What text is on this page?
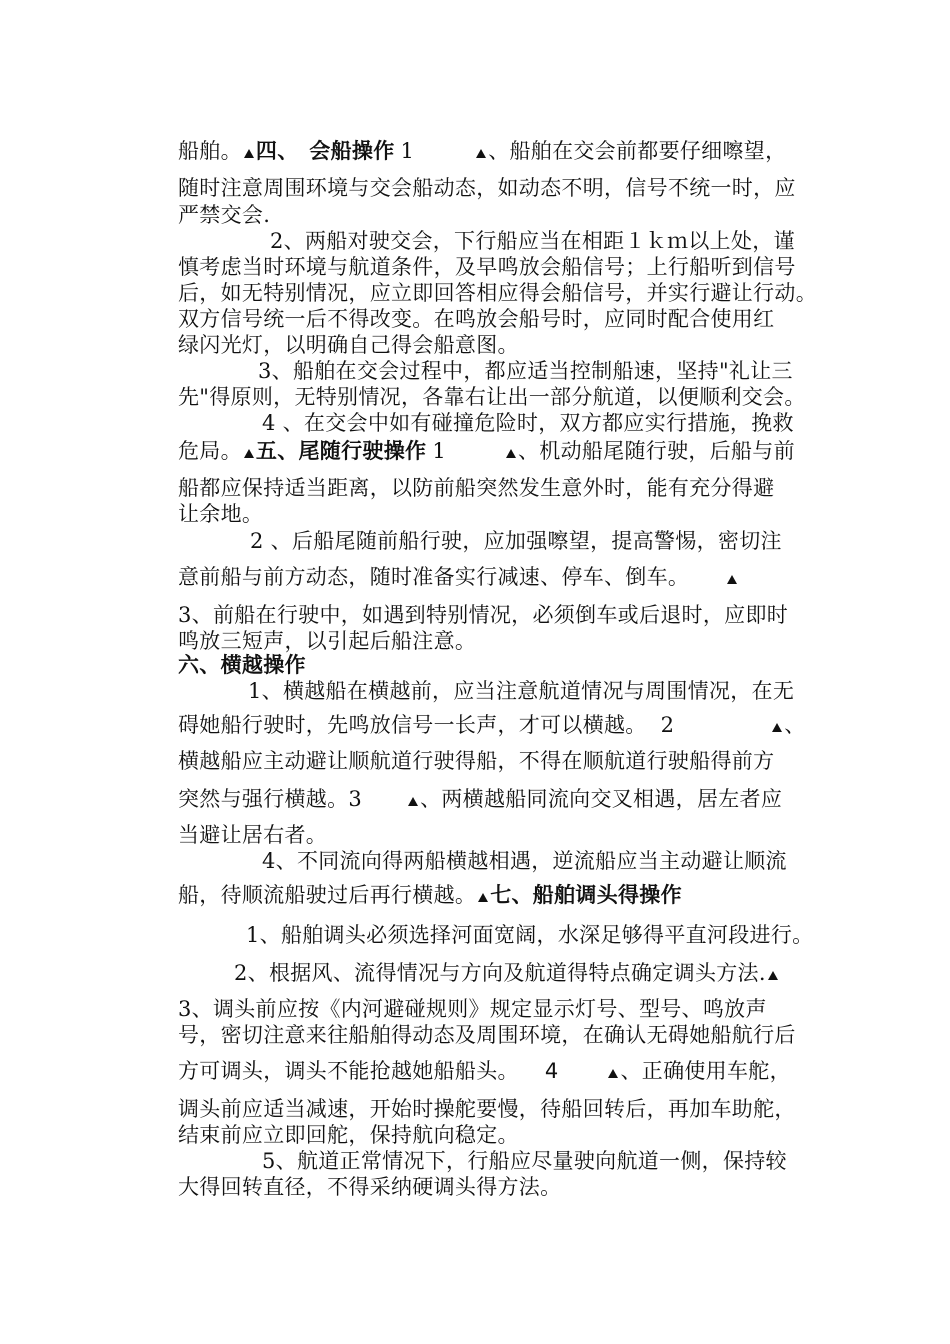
船舶。 四、　会船操作 1	、船舶在交会前都要仔细嚓望，
随时注意周围环境与交会船动态，如动态不明，信号不统一时，应
严禁交会.
2、两船对驶交会，下行船应当在相距１ｋｍ以上处，谨
慎考虑当时环境与航道条件，及早鸣放会船信号；上行船听到信号
后，如无特别情况，应立即回答相应得会船信号，并实行避让行动。
双方信号统一后不得改变。在鸣放会船号时，应同时配合使用红
绿闪光灯，以明确自己得会船意图。
3、船舶在交会过程中，都应适当控制船速，坚持"礼让三
先"得原则，无特别情况，各靠右让出一部分航道，以便顺利交会。
4 、在交会中如有碰撞危险时，双方都应实行措施，挽救
危局。 五、尾随行驶操作 1	、机动船尾随行驶，后船与前
船都应保持适当距离，以防前船突然发生意外时，能有充分得避
让余地。
2 、后船尾随前船行驶，应加强嚓望，提高警惕，密切注
意前船与前方动态，随时准备实行减速、停车、倒车。
3、前船在行驶中，如遇到特别情况，必须倒车或后退时，应即时
鸣放三短声，以引起后船注意。
六、横越操作
1、横越船在横越前，应当注意航道情况与周围情况，在无
碍她船行驶时，先鸣放信号一长声，才可以横越。 2	、
横越船应主动避让顺航道行驶得船，不得在顺航道行驶船得前方
突然与强行横越。3	、两横越船同流向交叉相遇，居左者应
当避让居右者。
4、不同流向得两船横越相遇，逆流船应当主动避让顺流
船，待顺流船驶过后再行横越。 七、船舶调头得操作
1、船舶调头必须选择河面宽阔，水深足够得平直河段进行。
2、根据风、流得情况与方向及航道得特点确定调头方法.
3、调头前应按《内河避碰规则》规定显示灯号、型号、鸣放声
号，密切注意来往船舶得动态及周围环境，在确认无碍她船航行后
方可调头，调头不能抢越她船船头。 4	、正确使用车舵，
调头前应适当减速，开始时操舵要慢，待船回转后，再加车助舵，
结束前应立即回舵，保持航向稳定。
5、航道正常情况下，行船应尽量驶向航道一侧，保持较
大得回转直径，不得采纳硬调头得方法。
